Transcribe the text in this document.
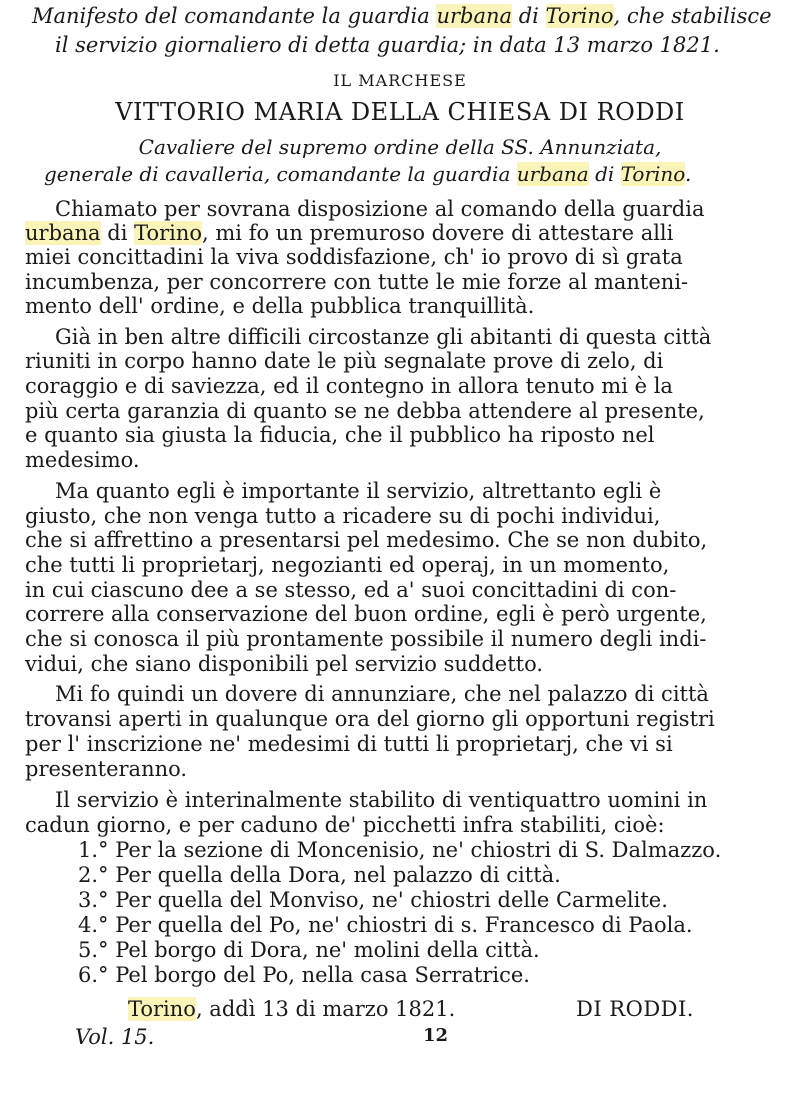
Manifesto del comandante la guardia urbana di Torino, che stabilisce
il servizio giornaliero di detta guardia; in data 13 marzo 1821.
IL MARCHESE
VITTORIO MARIA DELLA CHIESA DI RODDI
Cavaliere del supremo ordine della SS. Annunziata,
generale di cavalleria, comandante la guardia urbana di Torino.
Chiamato per sovrana disposizione al comando della guardia
urbana di Torino, mi fo un premuroso dovere di attestare alli
miei concittadini la viva soddisfazione, ch' io provo di sì grata
incumbenza, per concorrere con tutte le mie forze al manteni-
mento dell' ordine, e della pubblica tranquillità.
Già in ben altre difficili circostanze gli abitanti di questa città
riuniti in corpo hanno date le più segnalate prove di zelo, di
coraggio e di saviezza, ed il contegno in allora tenuto mi è la
più certa garanzia di quanto se ne debba attendere al presente,
e quanto sia giusta la fiducia, che il pubblico ha riposto nel
medesimo.
Ma quanto egli è importante il servizio, altrettanto egli è
giusto, che non venga tutto a ricadere su di pochi individui,
che si affrettino a presentarsi pel medesimo. Che se non dubito,
che tutti li proprietarj, negozianti ed operaj, in un momento,
in cui ciascuno dee a se stesso, ed a' suoi concittadini di con-
correre alla conservazione del buon ordine, egli è però urgente,
che si conosca il più prontamente possibile il numero degli indi-
vidui, che siano disponibili pel servizio suddetto.
Mi fo quindi un dovere di annunziare, che nel palazzo di città
trovansi aperti in qualunque ora del giorno gli opportuni registri
per l' inscrizione ne' medesimi di tutti li proprietarj, che vi si
presenteranno.
Il servizio è interinalmente stabilito di ventiquattro uomini in
cadun giorno, e per caduno de' picchetti infra stabiliti, cioè:
1.° Per la sezione di Moncenisio, ne' chiostri di S. Dalmazzo.
2.° Per quella della Dora, nel palazzo di città.
3.° Per quella del Monviso, ne' chiostri delle Carmelite.
4.° Per quella del Po, ne' chiostri di s. Francesco di Paola.
5.° Pel borgo di Dora, ne' molini della città.
6.° Pel borgo del Po, nella casa Serratrice.
Torino, addì 13 di marzo 1821.	DI RODDI.
Vol. 15.	12
